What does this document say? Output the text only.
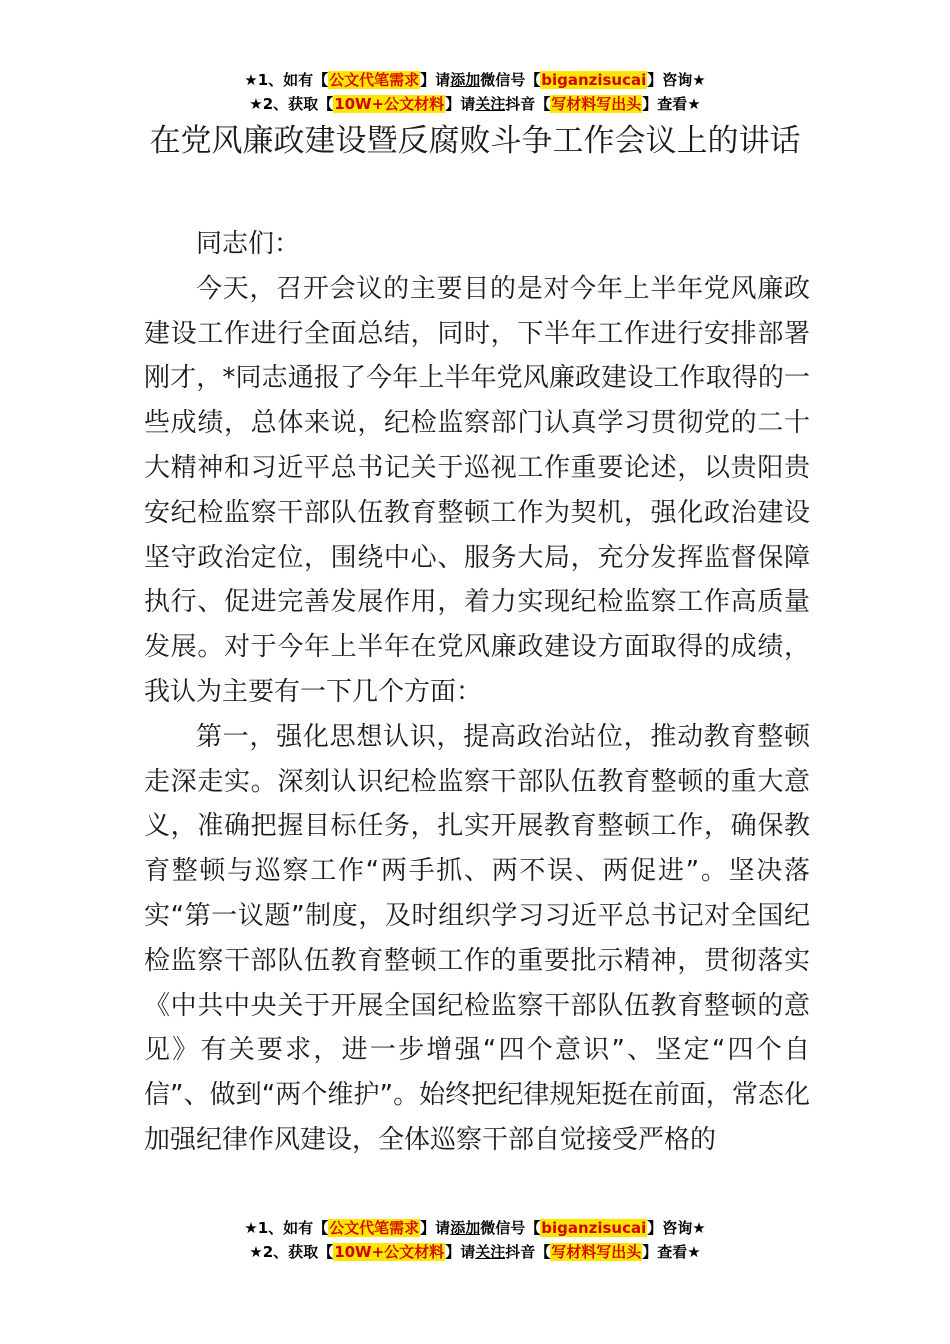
★1、如有【公文代笔需求】请添加微信号【biganzisucai】咨询★
★2、获取【10W+公文材料】请关注抖音【写材料写出头】查看★
在党风廉政建设暨反腐败斗争工作会议上的讲话

同志们：

今天，召开会议的主要目的是对今年上半年党风廉政建设工作进行全面总结，同时，下半年工作进行安排部署刚才，*同志通报了今年上半年党风廉政建设工作取得的一些成绩，总体来说，纪检监察部门认真学习贯彻党的二十大精神和习近平总书记关于巡视工作重要论述，以贵阳贵安纪检监察干部队伍教育整顿工作为契机，强化政治建设坚守政治定位，围绕中心、服务大局，充分发挥监督保障执行、促进完善发展作用，着力实现纪检监察工作高质量发展。对于今年上半年在党风廉政建设方面取得的成绩，我认为主要有一下几个方面：

第一，强化思想认识，提高政治站位，推动教育整顿走深走实。深刻认识纪检监察干部队伍教育整顿的重大意义，准确把握目标任务，扎实开展教育整顿工作，确保教育整顿与巡察工作“两手抓、两不误、两促进”。坚决落实“第一议题”制度，及时组织学习习近平总书记对全国纪检监察干部队伍教育整顿工作的重要批示精神，贯彻落实《中共中央关于开展全国纪检监察干部队伍教育整顿的意见》有关要求，进一步增强“四个意识”、坚定“四个自信”、做到“两个维护”。始终把纪律规矩挺在前面，常态化加强纪律作风建设，全体巡察干部自觉接受严格的

★1、如有【公文代笔需求】请添加微信号【biganzisucai】咨询★
★2、获取【10W+公文材料】请关注抖音【写材料写出头】查看★
